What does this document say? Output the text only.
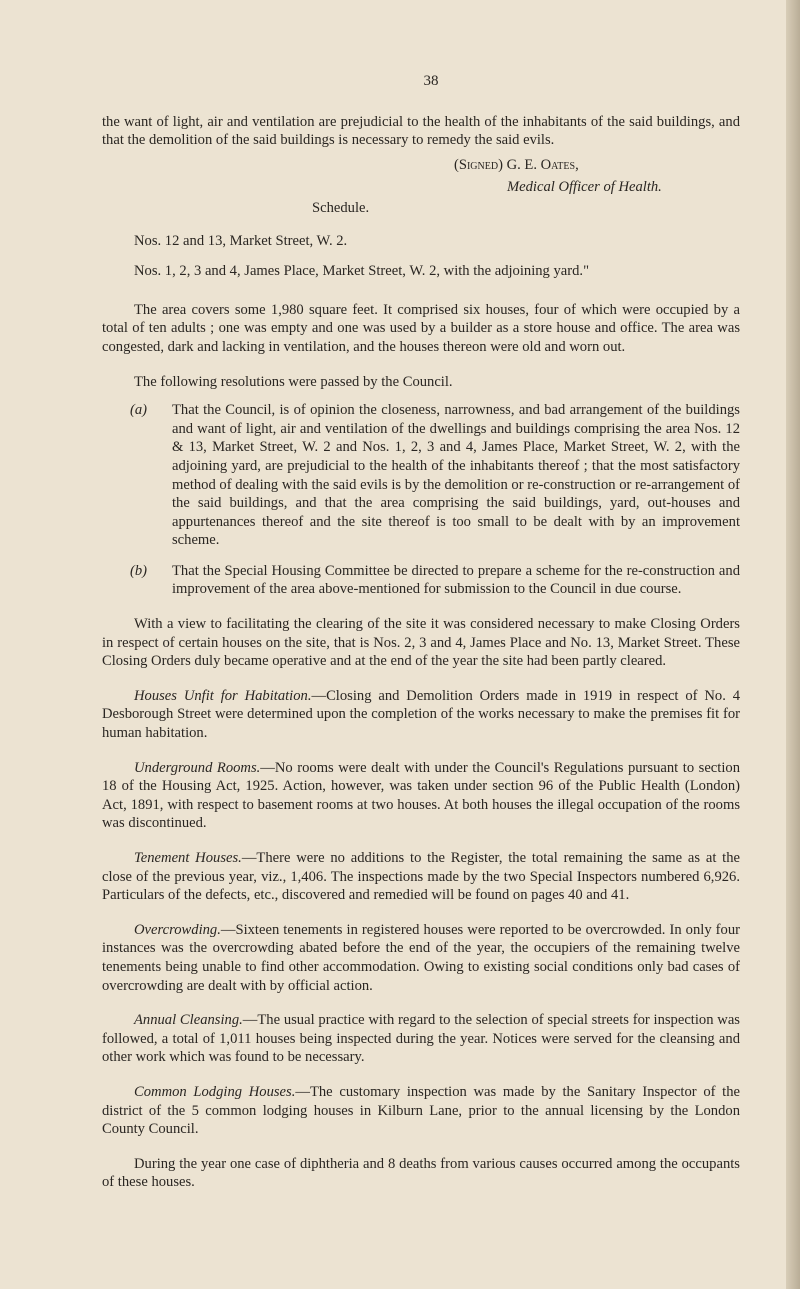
38

the want of light, air and ventilation are prejudicial to the health of the inhabitants of the said buildings, and that the demolition of the said buildings is necessary to remedy the said evils.

(Signed) G. E. Oates,
Medical Officer of Health.
Schedule.
Nos. 12 and 13, Market Street, W. 2.
Nos. 1, 2, 3 and 4, James Place, Market Street, W. 2, with the adjoining yard."

The area covers some 1,980 square feet. It comprised six houses, four of which were occupied by a total of ten adults ; one was empty and one was used by a builder as a store house and office. The area was congested, dark and lacking in ventilation, and the houses thereon were old and worn out.

The following resolutions were passed by the Council.

(a)	That the Council, is of opinion the closeness, narrowness, and bad arrangement of the buildings and want of light, air and ventilation of the dwellings and buildings comprising the area Nos. 12 & 13, Market Street, W. 2 and Nos. 1, 2, 3 and 4, James Place, Market Street, W. 2, with the adjoining yard, are prejudicial to the health of the inhabitants thereof ; that the most satisfactory method of dealing with the said evils is by the demolition or re-construction or re-arrangement of the said buildings, and that the area comprising the said buildings, yard, out-houses and appurtenances thereof and the site thereof is too small to be dealt with by an improvement scheme.
(b)	That the Special Housing Committee be directed to prepare a scheme for the re-construction and improvement of the area above-mentioned for submission to the Council in due course.

With a view to facilitating the clearing of the site it was considered necessary to make Closing Orders in respect of certain houses on the site, that is Nos. 2, 3 and 4, James Place and No. 13, Market Street. These Closing Orders duly became operative and at the end of the year the site had been partly cleared.

Houses Unfit for Habitation.—Closing and Demolition Orders made in 1919 in respect of No. 4 Desborough Street were determined upon the completion of the works necessary to make the premises fit for human habitation.

Underground Rooms.—No rooms were dealt with under the Council's Regulations pursuant to section 18 of the Housing Act, 1925. Action, however, was taken under section 96 of the Public Health (London) Act, 1891, with respect to basement rooms at two houses. At both houses the illegal occupation of the rooms was discontinued.

Tenement Houses.—There were no additions to the Register, the total remaining the same as at the close of the previous year, viz., 1,406. The inspections made by the two Special Inspectors numbered 6,926. Particulars of the defects, etc., discovered and remedied will be found on pages 40 and 41.

Overcrowding.—Sixteen tenements in registered houses were reported to be overcrowded. In only four instances was the overcrowding abated before the end of the year, the occupiers of the remaining twelve tenements being unable to find other accommodation. Owing to existing social conditions only bad cases of overcrowding are dealt with by official action.

Annual Cleansing.—The usual practice with regard to the selection of special streets for inspection was followed, a total of 1,011 houses being inspected during the year. Notices were served for the cleansing and other work which was found to be necessary.

Common Lodging Houses.—The customary inspection was made by the Sanitary Inspector of the district of the 5 common lodging houses in Kilburn Lane, prior to the annual licensing by the London County Council.

During the year one case of diphtheria and 8 deaths from various causes occurred among the occupants of these houses.
